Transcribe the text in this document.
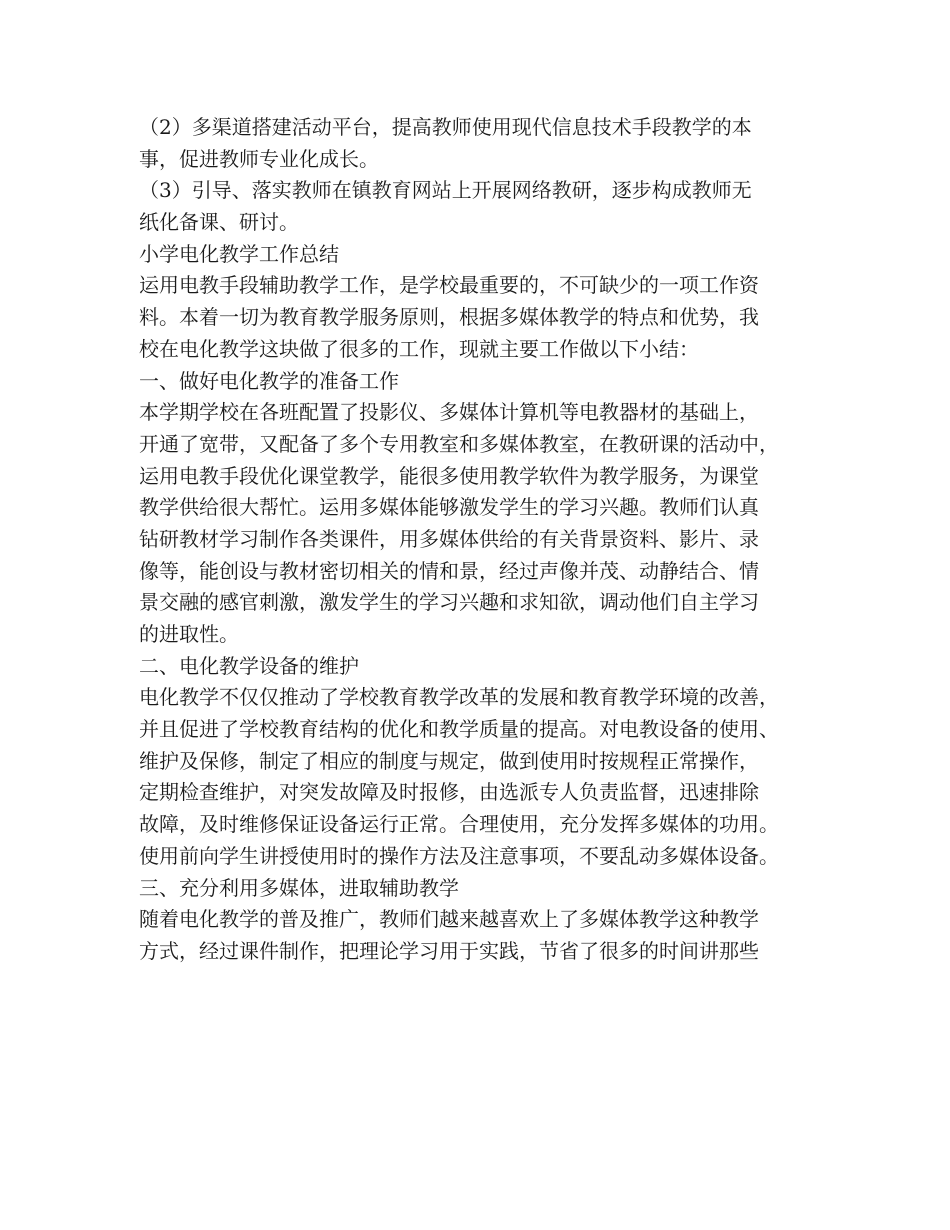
（2）多渠道搭建活动平台，提高教师使用现代信息技术手段教学的本
事，促进教师专业化成长。
（3）引导、落实教师在镇教育网站上开展网络教研，逐步构成教师无
纸化备课、研讨。
小学电化教学工作总结
运用电教手段辅助教学工作，是学校最重要的，不可缺少的一项工作资
料。本着一切为教育教学服务原则，根据多媒体教学的特点和优势，我
校在电化教学这块做了很多的工作，现就主要工作做以下小结：
一、做好电化教学的准备工作
本学期学校在各班配置了投影仪、多媒体计算机等电教器材的基础上，
开通了宽带，又配备了多个专用教室和多媒体教室，在教研课的活动中，
运用电教手段优化课堂教学，能很多使用教学软件为教学服务，为课堂
教学供给很大帮忙。运用多媒体能够激发学生的学习兴趣。教师们认真
钻研教材学习制作各类课件，用多媒体供给的有关背景资料、影片、录
像等，能创设与教材密切相关的情和景，经过声像并茂、动静结合、情
景交融的感官刺激，激发学生的学习兴趣和求知欲，调动他们自主学习
的进取性。
二、电化教学设备的维护
电化教学不仅仅推动了学校教育教学改革的发展和教育教学环境的改善，
并且促进了学校教育结构的优化和教学质量的提高。对电教设备的使用、
维护及保修，制定了相应的制度与规定，做到使用时按规程正常操作，
定期检查维护，对突发故障及时报修，由选派专人负责监督，迅速排除
故障，及时维修保证设备运行正常。合理使用，充分发挥多媒体的功用。
使用前向学生讲授使用时的操作方法及注意事项，不要乱动多媒体设备。
三、充分利用多媒体，进取辅助教学
随着电化教学的普及推广，教师们越来越喜欢上了多媒体教学这种教学
方式，经过课件制作，把理论学习用于实践，节省了很多的时间讲那些
